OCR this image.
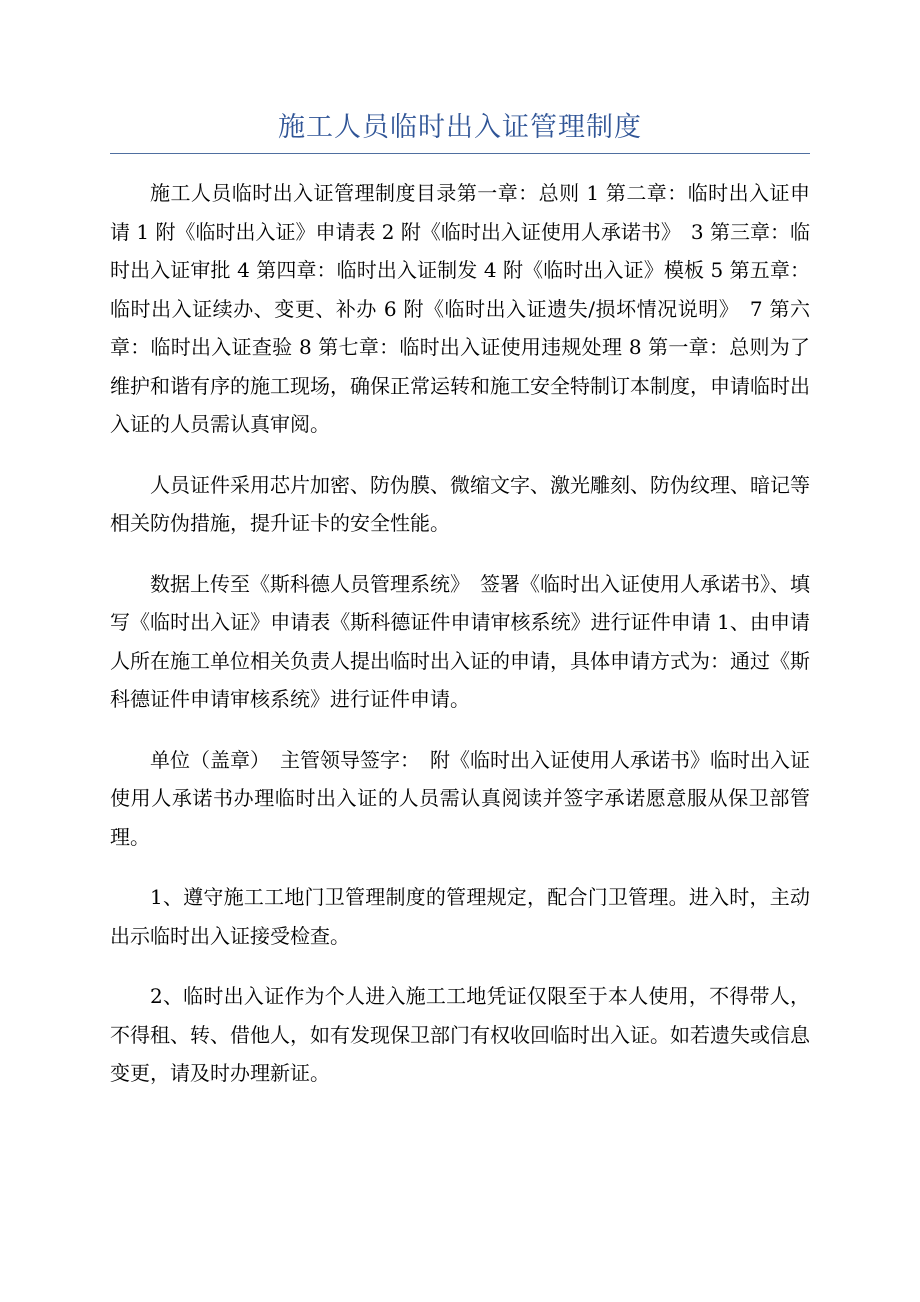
施工人员临时出入证管理制度

施工人员临时出入证管理制度目录第一章：总则 1 第二章：临时出入证申请 1 附《临时出入证》申请表 2 附《临时出入证使用人承诺书》　3 第三章：临时出入证审批 4 第四章：临时出入证制发 4 附《临时出入证》模板 5 第五章：临时出入证续办、变更、补办 6 附《临时出入证遗失/损坏情况说明》　7 第六章：临时出入证查验 8 第七章：临时出入证使用违规处理 8 第一章：总则为了维护和谐有序的施工现场，确保正常运转和施工安全特制订本制度，申请临时出入证的人员需认真审阅。

人员证件采用芯片加密、防伪膜、微缩文字、激光雕刻、防伪纹理、暗记等相关防伪措施，提升证卡的安全性能。

数据上传至《斯科德人员管理系统》　签署《临时出入证使用人承诺书》、填写《临时出入证》申请表《斯科德证件申请审核系统》进行证件申请 1、由申请人所在施工单位相关负责人提出临时出入证的申请，具体申请方式为：通过《斯科德证件申请审核系统》进行证件申请。

单位（盖章）　主管领导签字：　附《临时出入证使用人承诺书》临时出入证使用人承诺书办理临时出入证的人员需认真阅读并签字承诺愿意服从保卫部管理。

1、遵守施工工地门卫管理制度的管理规定，配合门卫管理。进入时，主动出示临时出入证接受检查。

2、临时出入证作为个人进入施工工地凭证仅限至于本人使用，不得带人，不得租、转、借他人，如有发现保卫部门有权收回临时出入证。如若遗失或信息变更，请及时办理新证。
